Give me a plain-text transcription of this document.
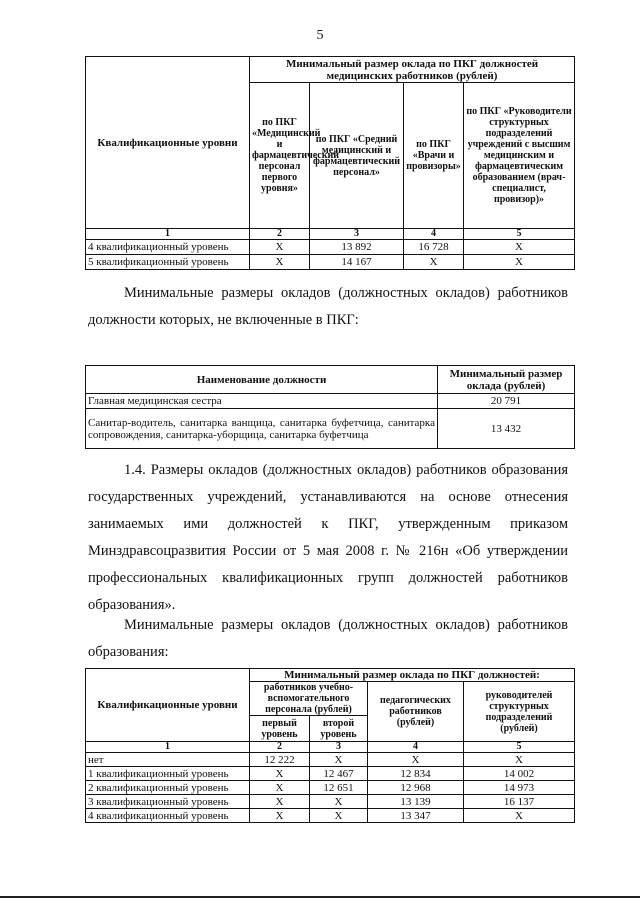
5
Квалификационные уровни	Минимальный размер оклада по ПКГ должностей медицинских работников (рублей)			
	по ПКГ «Медицинский и фармацевтический персонал первого уровня»	по ПКГ «Средний медицинский и фармацевтический персонал»	по ПКГ «Врачи и провизоры»	по ПКГ «Руководители структурных подразделений учреждений с высшим медицинским и фармацевтическим образованием (врач-специалист, провизор)»
1	2	3	4	5
4 квалификационный уровень	Х	13 892	16 728	Х
5 квалификационный уровень	Х	14 167	Х	Х

Минимальные размеры окладов (должностных окладов) работников должности которых, не включенные в ПКГ:

Наименование должности	Минимальный размер оклада (рублей)
Главная медицинская сестра	20 791
Санитар-водитель, санитарка ванщица, санитарка буфетчица, санитарка сопровождения, санитарка-уборщица, санитарка буфетчица	13 432

1.4. Размеры окладов (должностных окладов) работников образования государственных учреждений, устанавливаются на основе отнесения занимаемых ими должностей к ПКГ, утвержденным приказом Минздравсоцразвития России от 5 мая 2008 г. № 216н «Об утверждении профессиональных квалификационных групп должностей работников образования».

Минимальные размеры окладов (должностных окладов) работников образования:

Квалификационные уровни	Минимальный размер оклада по ПКГ должностей:			
	работников учебно-вспомогательного персонала (рублей)		педагогических работников (рублей)	руководителей структурных подразделений (рублей)
	первый уровень	второй уровень		
1	2	3	4	5
нет	12 222	Х	Х	Х
1 квалификационный уровень	Х	12 467	12 834	14 002
2 квалификационный уровень	Х	12 651	12 968	14 973
3 квалификационный уровень	Х	Х	13 139	16 137
4 квалификационный уровень	Х	Х	13 347	Х
